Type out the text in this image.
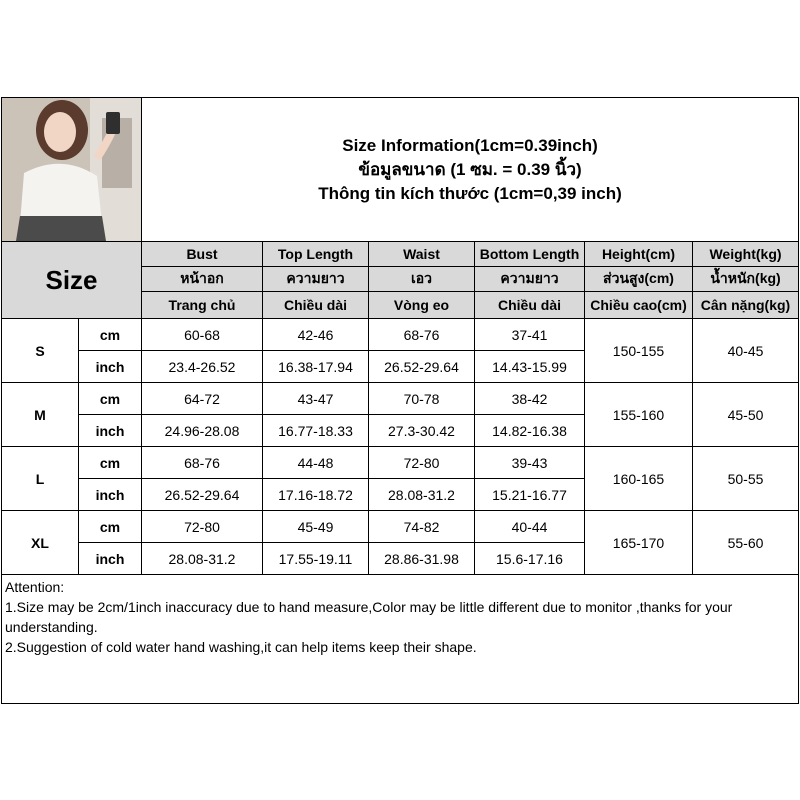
Size Information(1cm=0.39inch)
ข้อมูลขนาด (1 ซม. = 0.39 นิ้ว)
Thông tin kích thước (1cm=0,39 inch)					

Size		Bust	Top Length	Waist	Bottom Length	Height(cm)	Weight(kg)
		หน้าอก	ความยาว	เอว	ความยาว	ส่วนสูง(cm)	น้ำหนัก(kg)
		Trang chủ	Chiều dài	Vòng eo	Chiều dài	Chiều cao(cm)	Cân nặng(kg)
S	cm	60-68	42-46	68-76	37-41	150-155	40-45
	inch	23.4-26.52	16.38-17.94	26.52-29.64	14.43-15.99		
M	cm	64-72	43-47	70-78	38-42	155-160	45-50
	inch	24.96-28.08	16.77-18.33	27.3-30.42	14.82-16.38		
L	cm	68-76	44-48	72-80	39-43	160-165	50-55
	inch	26.52-29.64	17.16-18.72	28.08-31.2	15.21-16.77		
XL	cm	72-80	45-49	74-82	40-44	165-170	55-60
	inch	28.08-31.2	17.55-19.11	28.86-31.98	15.6-17.16		

Attention:
1.Size may be 2cm/1inch inaccuracy due to hand measure,Color may be little different due to monitor ,thanks for your understanding.
2.Suggestion of cold water hand washing,it can help items keep their shape.							
